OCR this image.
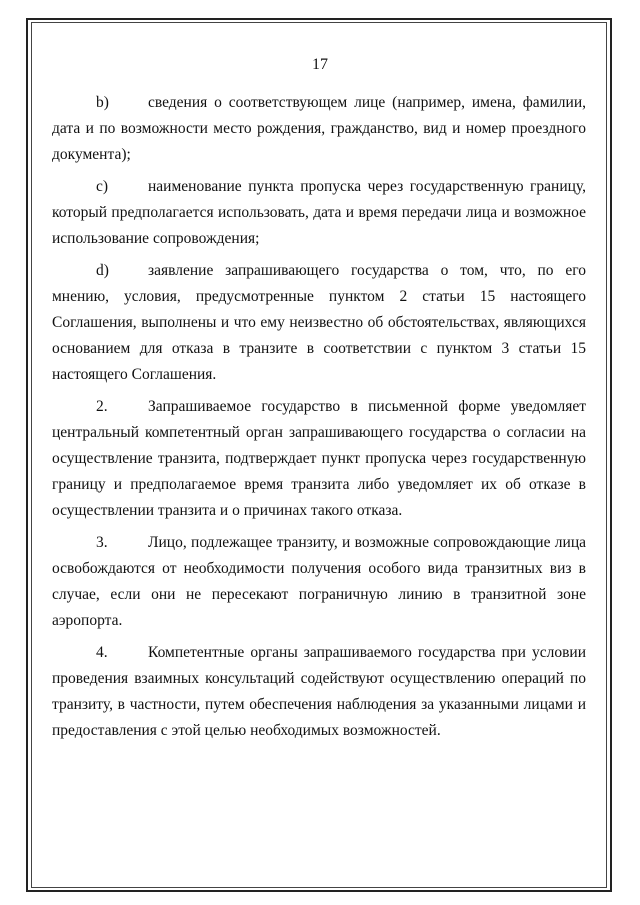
17

b)	сведения о соответствующем лице (например, имена, фамилии, дата и по возможности место рождения, гражданство, вид и номер проездного документа);

c)	наименование пункта пропуска через государственную границу, который предполагается использовать, дата и время передачи лица и возможное использование сопровождения;

d)	заявление запрашивающего государства о том, что, по его мнению, условия, предусмотренные пунктом 2 статьи 15 настоящего Соглашения, выполнены и что ему неизвестно об обстоятельствах, являющихся основанием для отказа в транзите в соответствии с пунктом 3 статьи 15 настоящего Соглашения.

2.	Запрашиваемое государство в письменной форме уведомляет центральный компетентный орган запрашивающего государства о согласии на осуществление транзита, подтверждает пункт пропуска через государственную границу и предполагаемое время транзита либо уведомляет их об отказе в осуществлении транзита и о причинах такого отказа.

3.	Лицо, подлежащее транзиту, и возможные сопровождающие лица освобождаются от необходимости получения особого вида транзитных виз в случае, если они не пересекают пограничную линию в транзитной зоне аэропорта.

4.	Компетентные органы запрашиваемого государства при условии проведения взаимных консультаций содействуют осуществлению операций по транзиту, в частности, путем обеспечения наблюдения за указанными лицами и предоставления с этой целью необходимых возможностей.
